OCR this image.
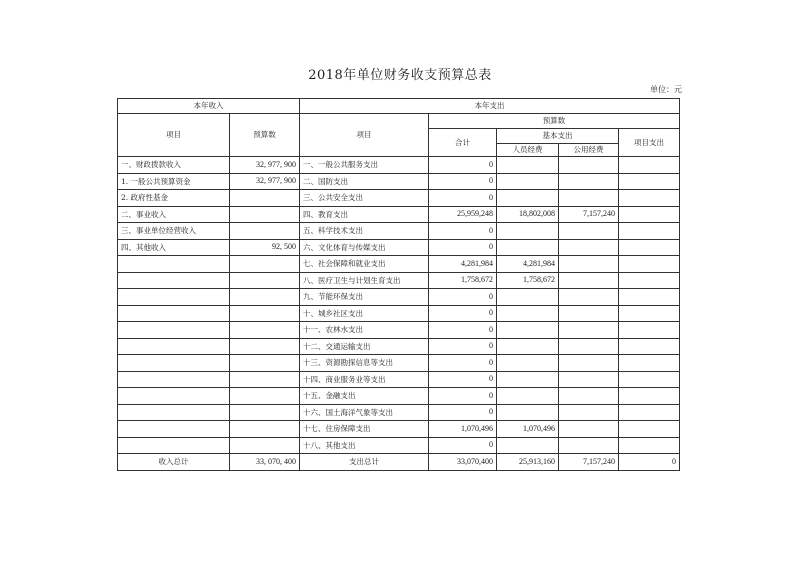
2018年单位财务收支预算总表
单位：元
本年收入		本年支出				
项目	预算数	项目	预算数			
			合计	基本支出		项目支出
				人员经费	公用经费	
一、财政拨款收入	32, 977, 900	一、一般公共服务支出	0			
1. 一般公共预算资金	32, 977, 900	二、国防支出	0			
2. 政府性基金		三、公共安全支出	0			
二、事业收入		四、教育支出	25,959,248	18,802,008	7,157,240	
三、事业单位经营收入		五、科学技术支出	0			
四、其他收入	92, 500	六、文化体育与传媒支出	0			
		七、社会保障和就业支出	4,281,984	4,281,984		
		八、医疗卫生与计划生育支出	1,758,672	1,758,672		
		九、节能环保支出	0			
		十、城乡社区支出	0			
		十一、农林水支出	0			
		十二、交通运输支出	0			
		十三、资源勘探信息等支出	0			
		十四、商业服务业等支出	0			
		十五、金融支出	0			
		十六、国土海洋气象等支出	0			
		十七、住房保障支出	1,070,496	1,070,496		
		十八、其他支出	0			
收入总计	33, 070, 400	支出总计	33,070,400	25,913,160	7,157,240	0
